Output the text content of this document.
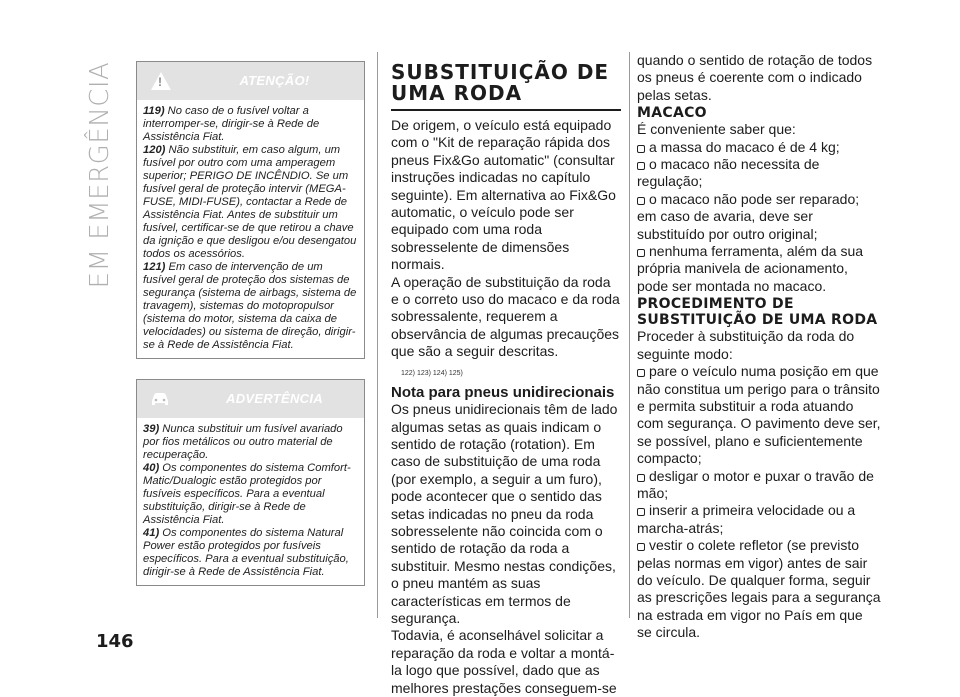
EM EMERGÊNCIA
146
!
ATENÇÃO!

119) No caso de o fusível voltar a interromper-se, dirigir-se à Rede de Assistência Fiat.

120) Não substituir, em caso algum, um fusível por outro com uma amperagem superior; PERIGO DE INCÊNDIO. Se um fusível geral de proteção intervir (MEGA-FUSE, MIDI-FUSE), contactar a Rede de Assistência Fiat. Antes de substituir um fusível, certificar-se de que retirou a chave da ignição e que desligou e/ou desengatou todos os acessórios.

121) Em caso de intervenção de um fusível geral de proteção dos sistemas de segurança (sistema de airbags, sistema de travagem), sistemas do motopropulsor (sistema do motor, sistema da caixa de velocidades) ou sistema de direção, dirigir-se à Rede de Assistência Fiat.

ADVERTÊNCIA

39) Nunca substituir um fusível avariado por fios metálicos ou outro material de recuperação.

40) Os componentes do sistema Comfort-Matic/Dualogic estão protegidos por fusíveis específicos. Para a eventual substituição, dirigir-se à Rede de Assistência Fiat.

41) Os componentes do sistema Natural Power estão protegidos por fusíveis específicos. Para a eventual substituição, dirigir-se à Rede de Assistência Fiat.

SUBSTITUIÇÃO DE UMA RODA

De origem, o veículo está equipado com o "Kit de reparação rápida dos pneus Fix&Go automatic" (consultar instruções indicadas no capítulo seguinte). Em alternativa ao Fix&Go automatic, o veículo pode ser equipado com uma roda sobresselente de dimensões normais.

A operação de substituição da roda e o correto uso do macaco e da roda sobressalente, requerem a observância de algumas precauções que são a seguir descritas.

122) 123) 124) 125)
Nota para pneus unidirecionais

Os pneus unidirecionais têm de lado algumas setas as quais indicam o sentido de rotação (rotation). Em caso de substituição de uma roda (por exemplo, a seguir a um furo), pode acontecer que o sentido das setas indicadas no pneu da roda sobresselente não coincida com o sentido de rotação da roda a substituir. Mesmo nestas condições, o pneu mantém as suas características em termos de segurança.

Todavia, é aconselhável solicitar a reparação da roda e voltar a montá-la logo que possível, dado que as melhores prestações conseguem-se

quando o sentido de rotação de todos os pneus é coerente com o indicado pelas setas.

MACACO

É conveniente saber que:

a massa do macaco é de 4 kg;

o macaco não necessita de regulação;

o macaco não pode ser reparado; em caso de avaria, deve ser substituído por outro original;

nenhuma ferramenta, além da sua própria manivela de acionamento, pode ser montada no macaco.

PROCEDIMENTO DE SUBSTITUIÇÃO DE UMA RODA

Proceder à substituição da roda do seguinte modo:

pare o veículo numa posição em que não constitua um perigo para o trânsito e permita substituir a roda atuando com segurança. O pavimento deve ser, se possível, plano e suficientemente compacto;

desligar o motor e puxar o travão de mão;

inserir a primeira velocidade ou a marcha-atrás;

vestir o colete refletor (se previsto pelas normas em vigor) antes de sair do veículo. De qualquer forma, seguir as prescrições legais para a segurança na estrada em vigor no País em que se circula.
